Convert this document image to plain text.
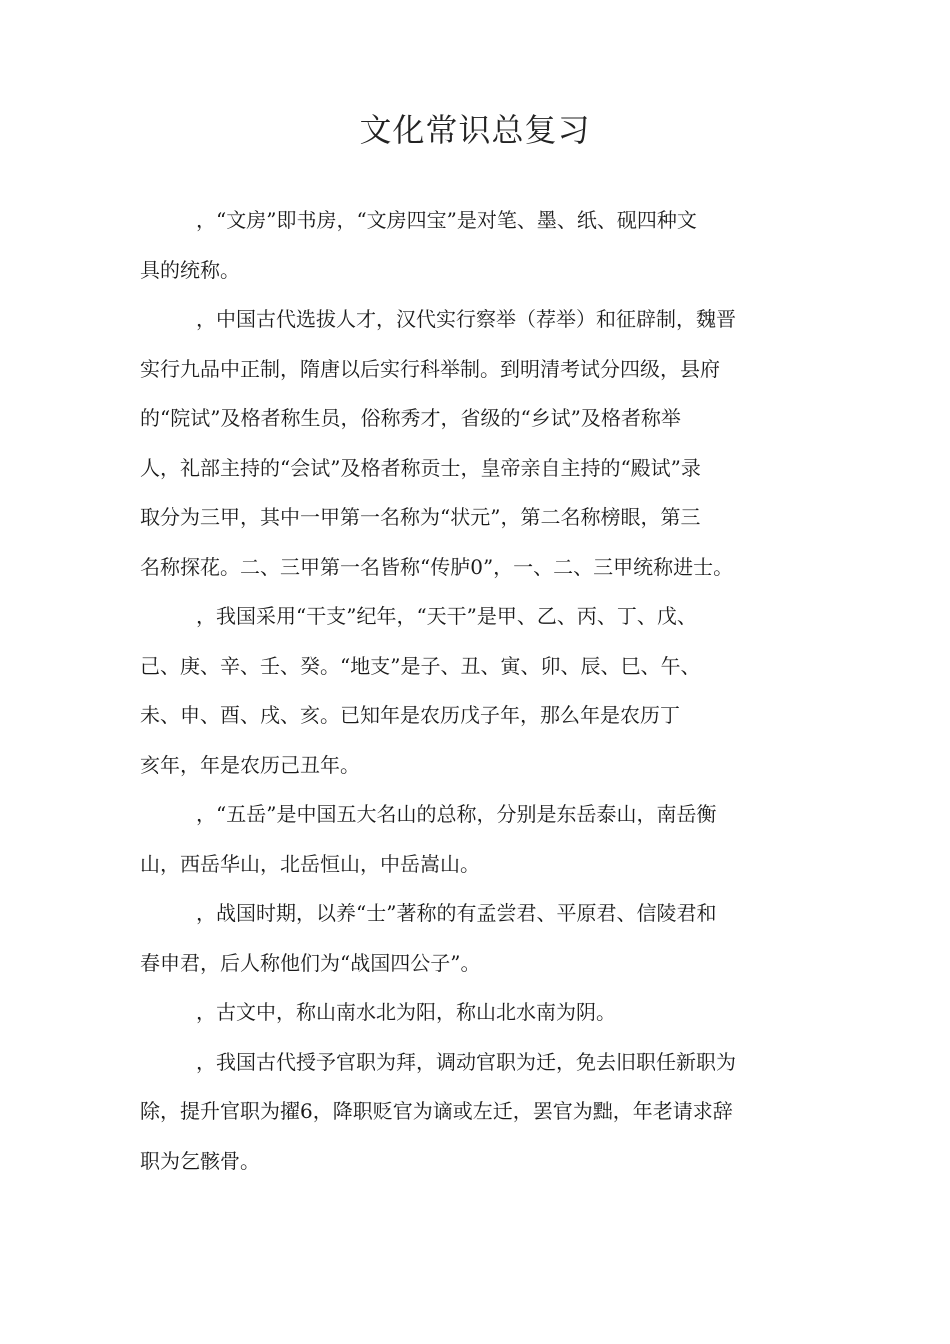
文化常识总复习

，“文房”即书房，“文房四宝”是对笔、墨、纸、砚四种文
具的统称。

，中国古代选拔人才，汉代实行察举（荐举）和征辟制，魏晋
实行九品中正制，隋唐以后实行科举制。到明清考试分四级，县府
的“院试”及格者称生员，俗称秀才，省级的“乡试”及格者称举
人，礼部主持的“会试”及格者称贡士，皇帝亲自主持的“殿试”录
取分为三甲，其中一甲第一名称为“状元”，第二名称榜眼，第三
名称探花。二、三甲第一名皆称“传胪0”，一、二、三甲统称进士。

，我国采用“干支”纪年，“天干”是甲、乙、丙、丁、戊、
己、庚、辛、壬、癸。“地支”是子、丑、寅、卯、辰、巳、午、
未、申、酉、戌、亥。已知年是农历戊子年，那么年是农历丁
亥年，年是农历己丑年。

，“五岳”是中国五大名山的总称，分别是东岳泰山，南岳衡
山，西岳华山，北岳恒山，中岳嵩山。

，战国时期，以养“士”著称的有孟尝君、平原君、信陵君和
春申君，后人称他们为“战国四公子”。

，古文中，称山南水北为阳，称山北水南为阴。

，我国古代授予官职为拜，调动官职为迁，免去旧职任新职为
除，提升官职为擢6，降职贬官为谪或左迁，罢官为黜，年老请求辞
职为乞骸骨。
